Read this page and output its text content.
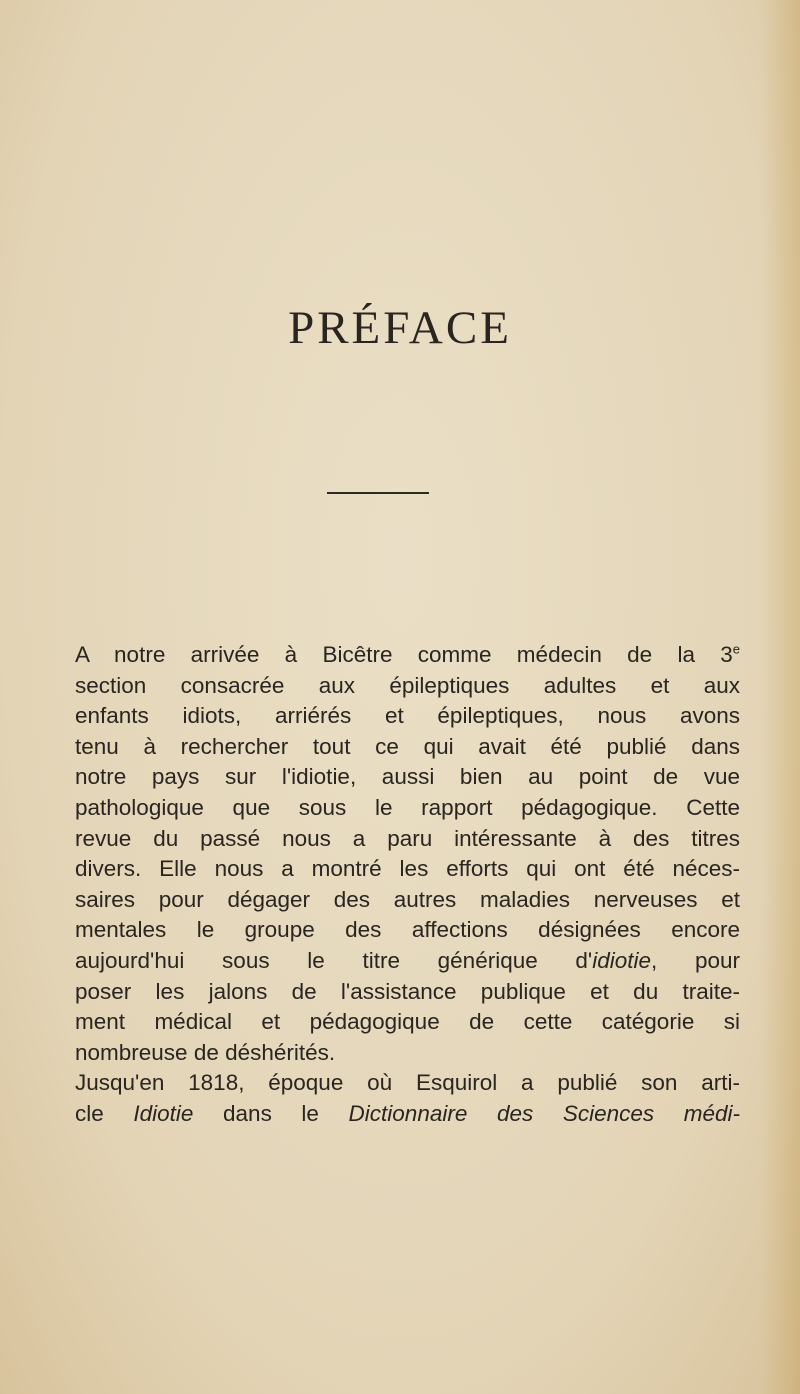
PRÉFACE
A notre arrivée à Bicêtre comme médecin de la 3e
section consacrée aux épileptiques adultes et aux
enfants idiots, arriérés et épileptiques, nous avons
tenu à rechercher tout ce qui avait été publié dans
notre pays sur l'idiotie, aussi bien au point de vue
pathologique que sous le rapport pédagogique. Cette
revue du passé nous a paru intéressante à des titres
divers. Elle nous a montré les efforts qui ont été néces-
saires pour dégager des autres maladies nerveuses et
mentales le groupe des affections désignées encore
aujourd'hui sous le titre générique d'idiotie, pour
poser les jalons de l'assistance publique et du traite-
ment médical et pédagogique de cette catégorie si
nombreuse de déshérités.
Jusqu'en 1818, époque où Esquirol a publié son arti-
cle Idiotie dans le Dictionnaire des Sciences médi-
